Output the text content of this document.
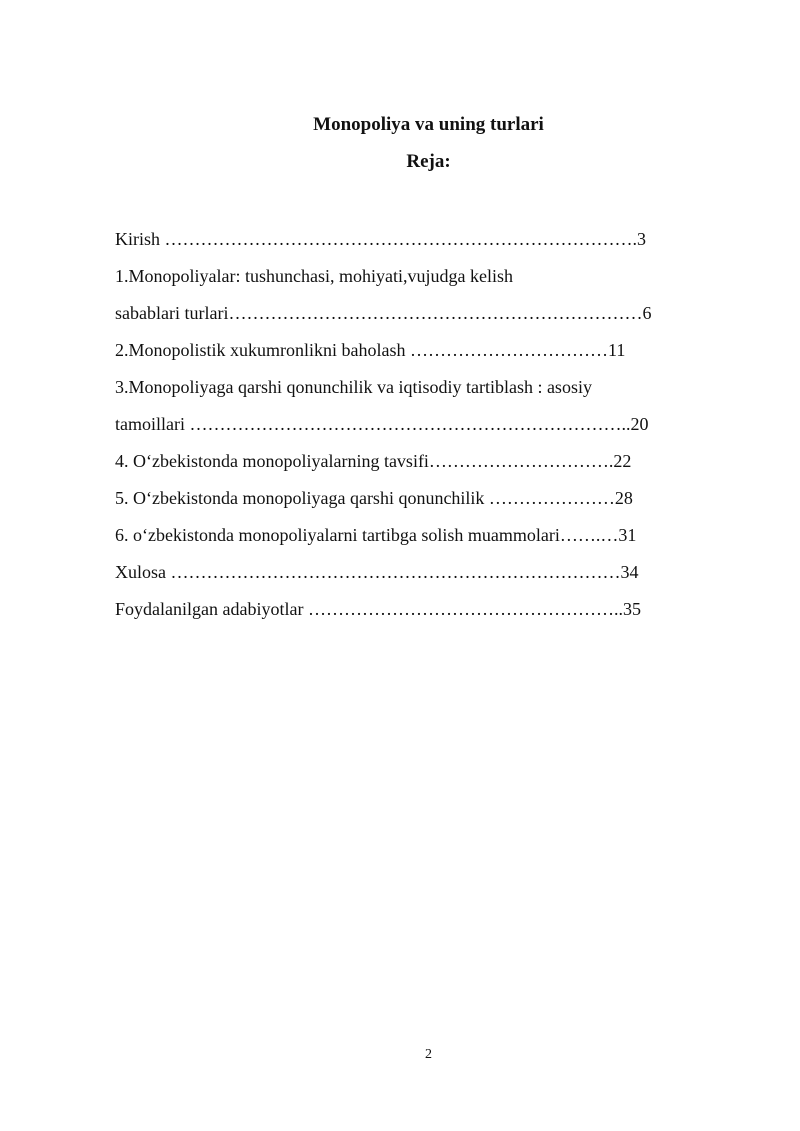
Monopoliya va uning turlari
Reja:
Kirish …………………………………………………………………….3
1.Monopoliyalar: tushunchasi, mohiyati,vujudga kelish
sabablari turlari……………………………………………………………6
2.Monopolistik xukumronlikni baholash ……………………………11
3.Monopoliyaga qarshi qonunchilik va iqtisodiy tartiblash : asosiy
tamoillari ………………………………………………………………..20
4. O‘zbekistonda monopoliyalarning tavsifi………………………….22
5. O‘zbekistonda monopoliyaga qarshi qonunchilik …………………28
6. o‘zbekistonda monopoliyalarni tartibga solish muammolari…….…31
Xulosa …………………………………………………………………34
Foydalanilgan adabiyotlar ……………………………………………..35
2
